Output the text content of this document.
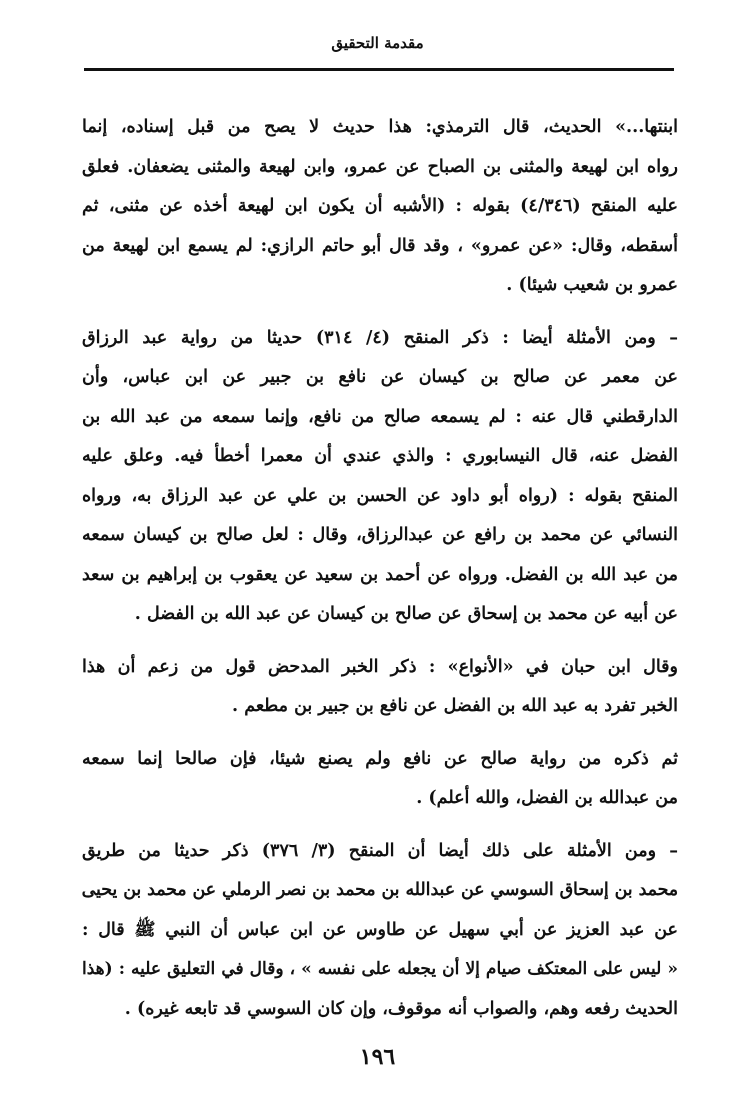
مقدمة التحقيق

ابنتها...» الحديث، قال الترمذي: هذا حديث لا يصح من قبل إسناده، إنما
رواه ابن لهيعة والمثنى بن الصباح عن عمرو، وابن لهيعة والمثنى يضعفان. فعلق
عليه المنقح (٤/٣٤٦) بقوله : (الأشبه أن يكون ابن لهيعة أخذه عن مثنى، ثم
أسقطه، وقال: «عن عمرو» ، وقد قال أبو حاتم الرازي: لم يسمع ابن لهيعة من
عمرو بن شعيب شيئا) .

– ومن الأمثلة أيضا : ذكر المنقح (٤/ ٣١٤) حديثا من رواية عبد الرزاق
عن معمر عن صالح بن كيسان عن نافع بن جبير عن ابن عباس، وأن
الدارقطني قال عنه : لم يسمعه صالح من نافع، وإنما سمعه من عبد الله بن
الفضل عنه، قال النيسابوري : والذي عندي أن معمرا أخطأ فيه. وعلق عليه
المنقح بقوله : (رواه أبو داود عن الحسن بن علي عن عبد الرزاق به، ورواه
النسائي عن محمد بن رافع عن عبدالرزاق، وقال : لعل صالح بن كيسان سمعه
من عبد الله بن الفضل. ورواه عن أحمد بن سعيد عن يعقوب بن إبراهيم بن سعد
عن أبيه عن محمد بن إسحاق عن صالح بن كيسان عن عبد الله بن الفضل .

وقال ابن حبان في «الأنواع» : ذكر الخبر المدحض قول من زعم أن هذا
الخبر تفرد به عبد الله بن الفضل عن نافع بن جبير بن مطعم .

ثم ذكره من رواية صالح عن نافع ولم يصنع شيئا، فإن صالحا إنما سمعه
من عبدالله بن الفضل، والله أعلم) .

– ومن الأمثلة على ذلك أيضا أن المنقح (٣/ ٣٧٦) ذكر حديثا من طريق
محمد بن إسحاق السوسي عن عبدالله بن محمد بن نصر الرملي عن محمد بن يحيى
عن عبد العزيز عن أبي سهيل عن طاوس عن ابن عباس أن النبي ﷺ قال :
« ليس على المعتكف صيام إلا أن يجعله على نفسه » ، وقال في التعليق عليه : (هذا
الحديث رفعه وهم، والصواب أنه موقوف، وإن كان السوسي قد تابعه غيره) .

١٩٦
